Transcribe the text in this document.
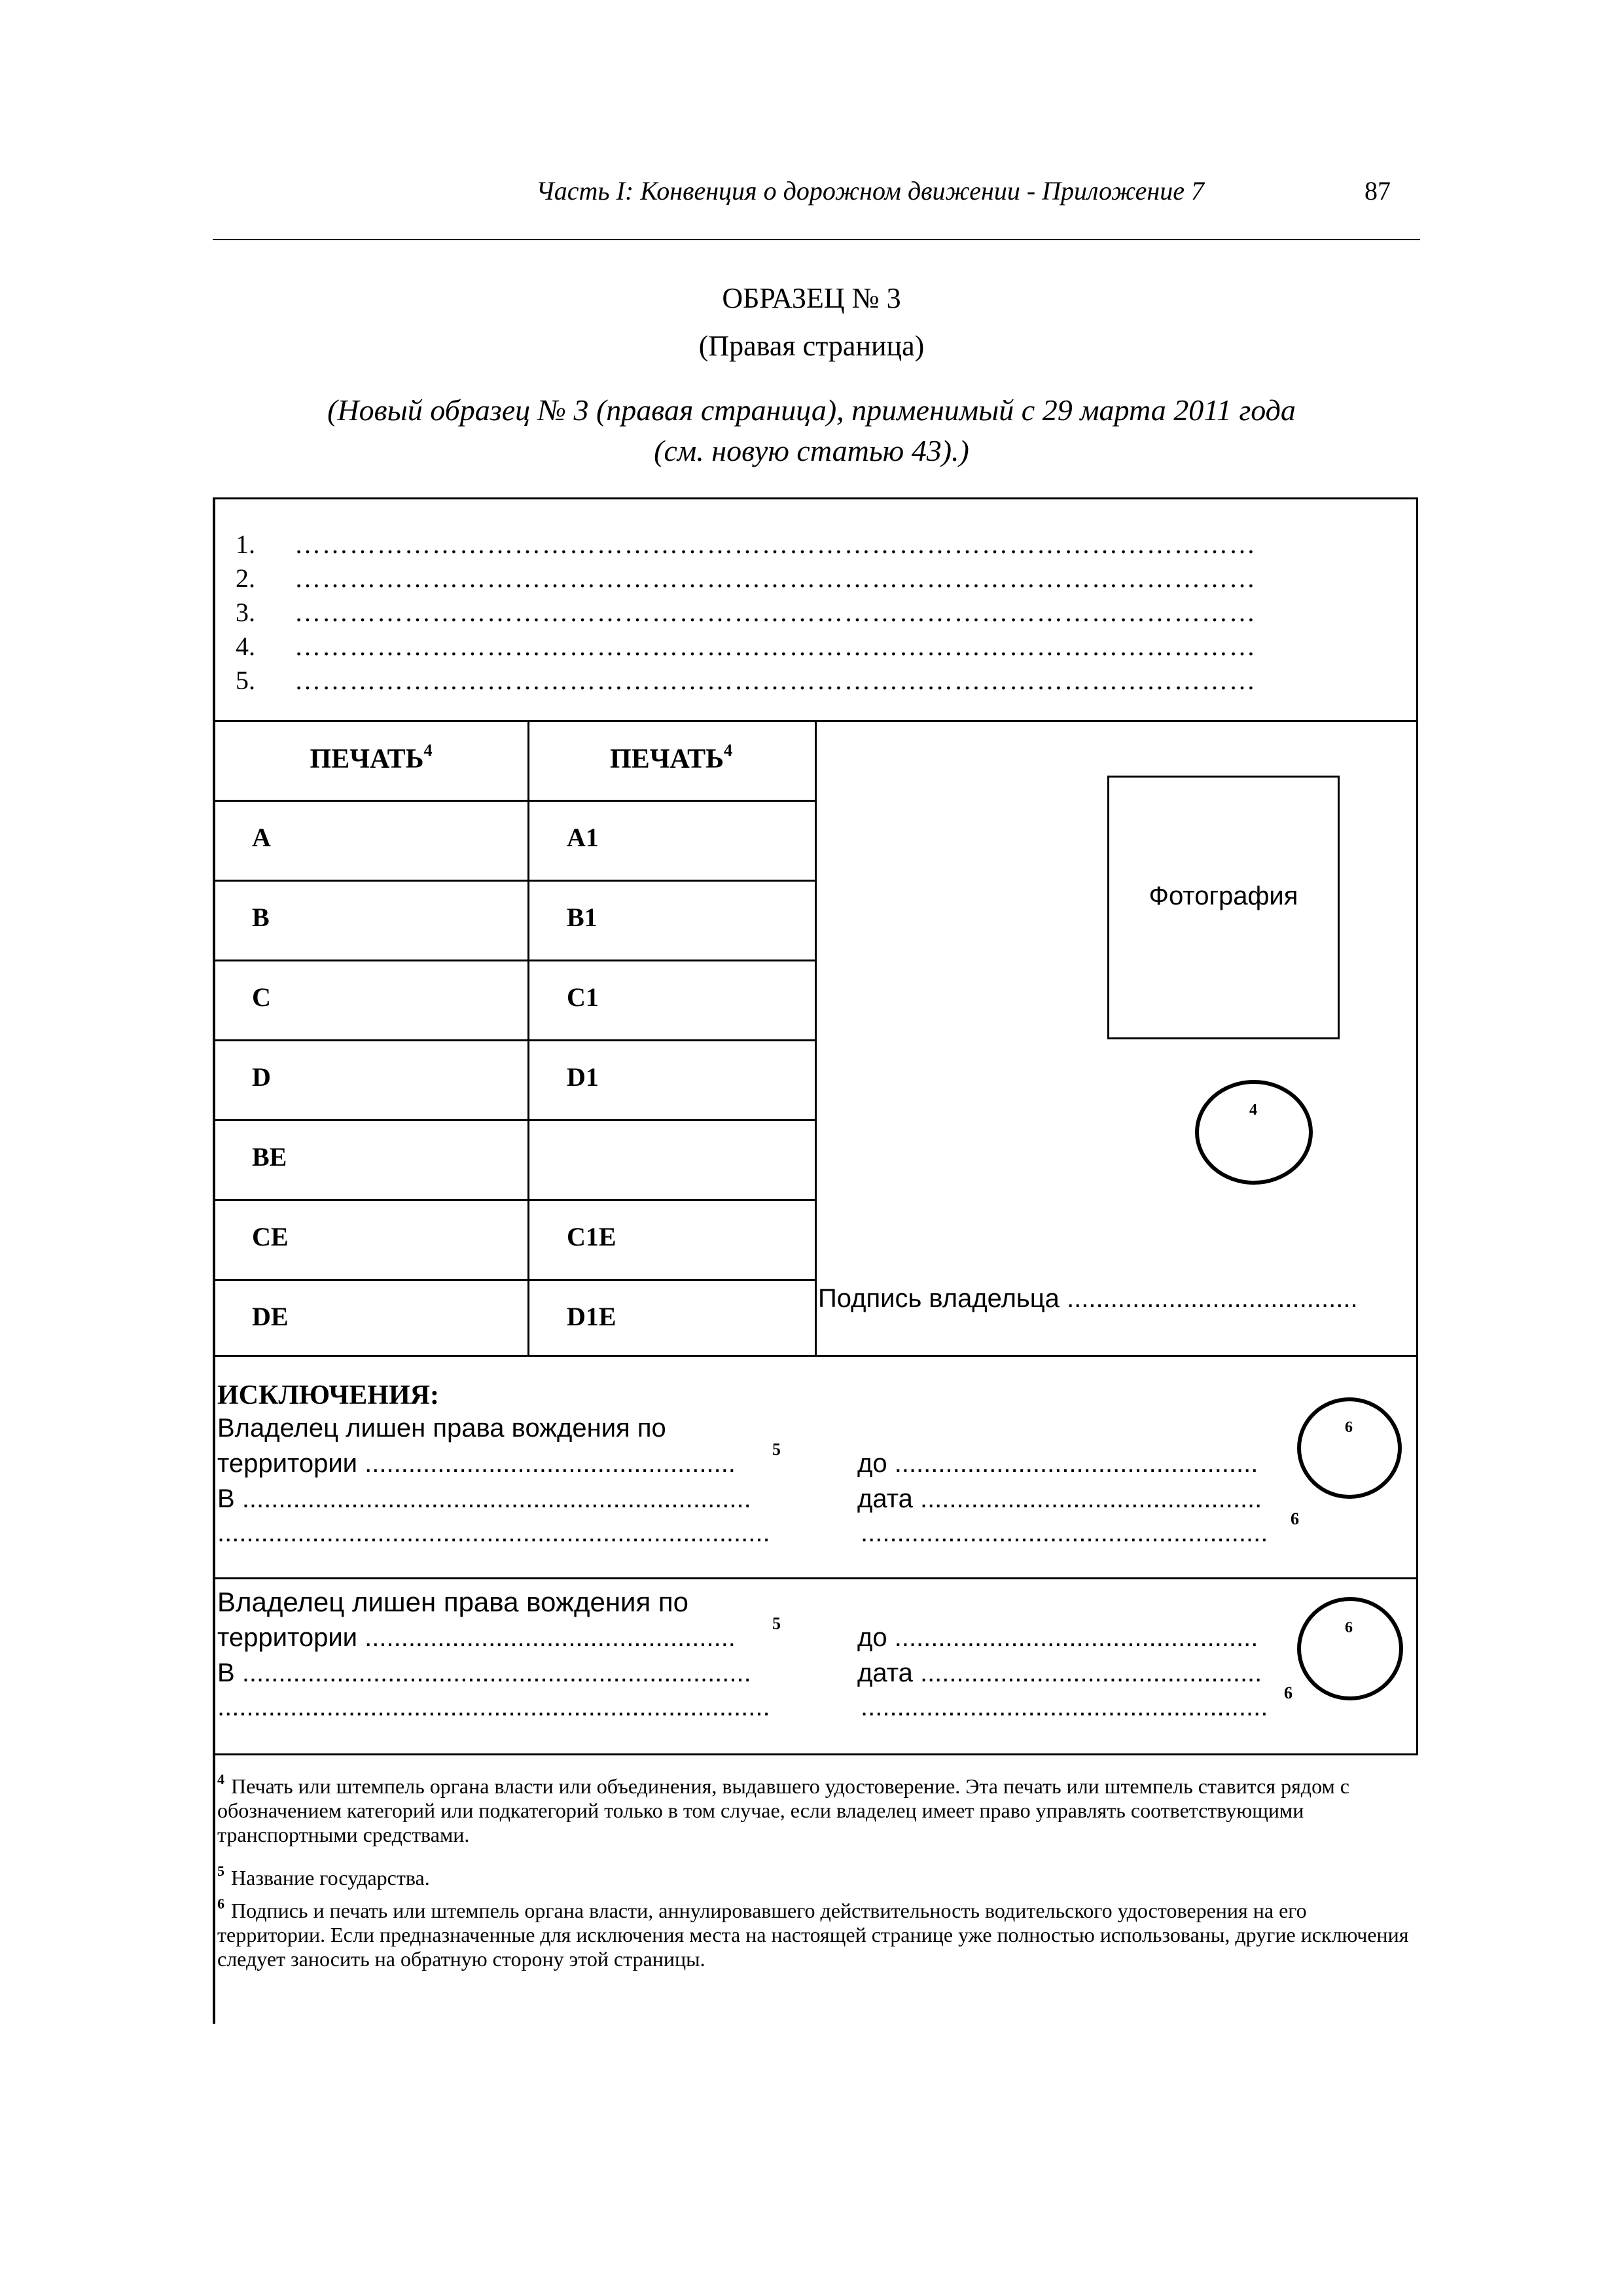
Часть I: Конвенция о дорожном движении - Приложение 7	87
ОБРАЗЕЦ № 3
(Правая страница)
(Новый образец № 3 (правая страница), применимый с 29 марта 2011 года
(см. новую статью 43).)
1. ……………………………………………………………………………………………
2. ……………………………………………………………………………………………
3. ……………………………………………………………………………………………
4. ……………………………………………………………………………………………
5. ……………………………………………………………………………………………
ПЕЧАТЬ$^4$	ПЕЧАТЬ$^4$
A
B
C
D
BE
CE
DE
A1
B1
C1
D1
C1E
D1E
Фотография
4
Подпись владельца ........................................
ИСКЛЮЧЕНИЯ:
Владелец лишен права вождения по
территории ................................................... 5
В ......................................................................
............................................................................
до ..................................................
дата ...............................................
........................................................ 6
6
Владелец лишен права вождения по
территории ................................................... 5
В ......................................................................
............................................................................
до ..................................................
дата ...............................................
........................................................ 6
6
$^4$ Печать или штемпель органа власти или объединения, выдавшего удостоверение. Эта печать или штемпель ставится рядом с обозначением категорий или подкатегорий только в том случае, если владелец имеет право управлять соответствующими транспортными средствами.
$^5$ Название государства.
$^6$ Подпись и печать или штемпель органа власти, аннулировавшего действительность водительского удостоверения на его территории. Если предназначенные для исключения места на настоящей странице уже полностью использованы, другие исключения следует заносить на обратную сторону этой страницы.
